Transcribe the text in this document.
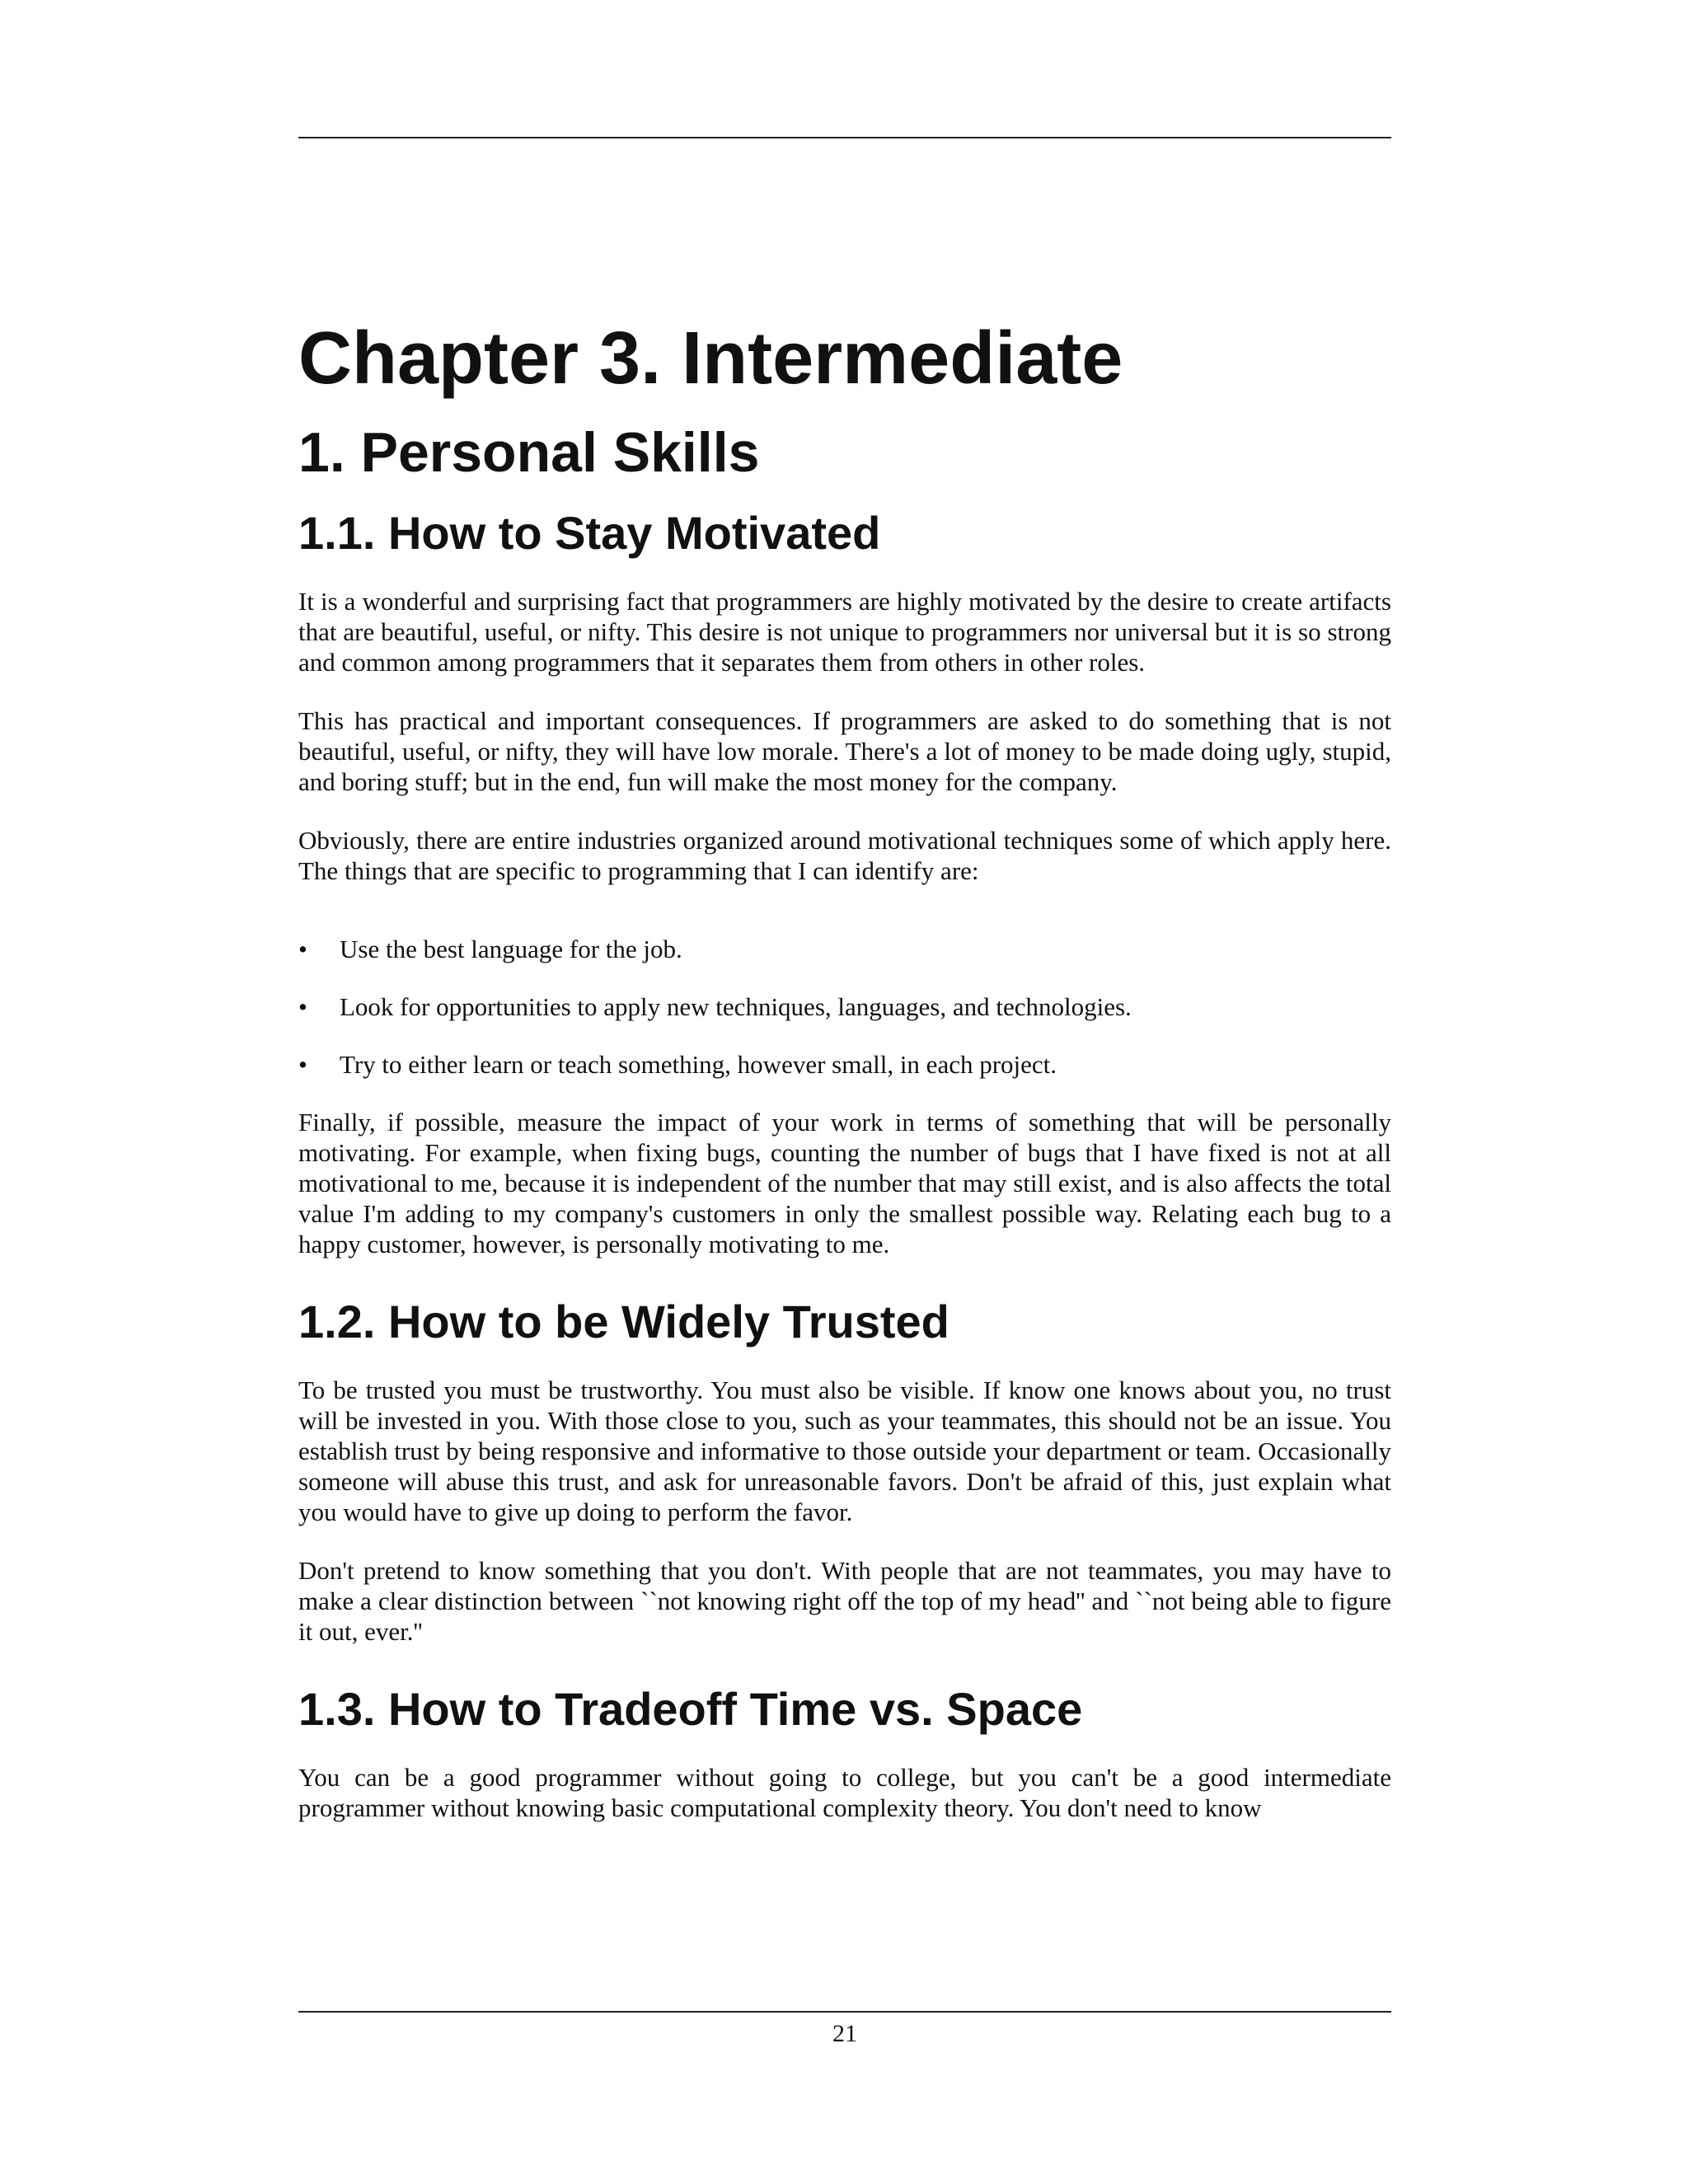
Chapter 3. Intermediate
1. Personal Skills
1.1. How to Stay Motivated

It is a wonderful and surprising fact that programmers are highly motivated by the desire to create artifacts that are beautiful, useful, or nifty. This desire is not unique to programmers nor universal but it is so strong and common among programmers that it separates them from others in other roles.

This has practical and important consequences. If programmers are asked to do something that is not beautiful, useful, or nifty, they will have low morale. There's a lot of money to be made doing ugly, stupid, and boring stuff; but in the end, fun will make the most money for the company.

Obviously, there are entire industries organized around motivational techniques some of which apply here. The things that are specific to programming that I can identify are:

• Use the best language for the job.
• Look for opportunities to apply new techniques, languages, and technologies.
• Try to either learn or teach something, however small, in each project.

Finally, if possible, measure the impact of your work in terms of something that will be personally motivating. For example, when fixing bugs, counting the number of bugs that I have fixed is not at all motivational to me, because it is independent of the number that may still exist, and is also affects the total value I'm adding to my company's customers in only the smallest possible way. Relating each bug to a happy customer, however, is personally motivating to me.

1.2. How to be Widely Trusted

To be trusted you must be trustworthy. You must also be visible. If know one knows about you, no trust will be invested in you. With those close to you, such as your teammates, this should not be an issue. You establish trust by being responsive and informative to those outside your department or team. Occasionally someone will abuse this trust, and ask for unreasonable favors. Don't be afraid of this, just explain what you would have to give up doing to perform the favor.

Don't pretend to know something that you don't. With people that are not teammates, you may have to make a clear distinction between ``not knowing right off the top of my head'' and ``not being able to figure it out, ever.''

1.3. How to Tradeoff Time vs. Space

You can be a good programmer without going to college, but you can't be a good intermediate programmer without knowing basic computational complexity theory. You don't need to know

21
